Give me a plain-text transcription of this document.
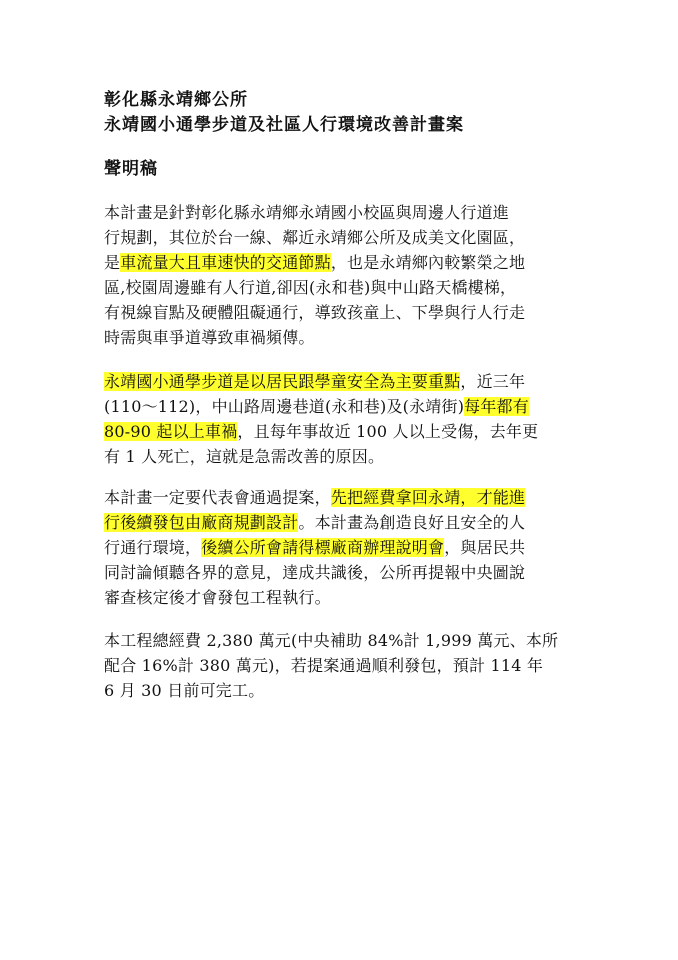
彰化縣永靖鄉公所
永靖國小通學步道及社區人行環境改善計畫案
聲明稿
本計畫是針對彰化縣永靖鄉永靖國小校區與周邊人行道進
行規劃，其位於台一線、鄰近永靖鄉公所及成美文化園區，
是車流量大且車速快的交通節點，也是永靖鄉內較繁榮之地
區,校園周邊雖有人行道,卻因(永和巷)與中山路天橋樓梯，
有視線盲點及硬體阻礙通行，導致孩童上、下學與行人行走
時需與車爭道導致車禍頻傳。
永靖國小通學步道是以居民跟學童安全為主要重點，近三年
(110～112)，中山路周邊巷道(永和巷)及(永靖街)每年都有
80-90 起以上車禍，且每年事故近 100 人以上受傷，去年更
有 1 人死亡，這就是急需改善的原因。
本計畫一定要代表會通過提案，先把經費拿回永靖，才能進
行後續發包由廠商規劃設計。本計畫為創造良好且安全的人
行通行環境，後續公所會請得標廠商辦理說明會，與居民共
同討論傾聽各界的意見，達成共識後，公所再提報中央圖說
審查核定後才會發包工程執行。
本工程總經費 2,380 萬元(中央補助 84%計 1,999 萬元、本所
配合 16%計 380 萬元)，若提案通過順利發包，預計 114 年
6 月 30 日前可完工。
